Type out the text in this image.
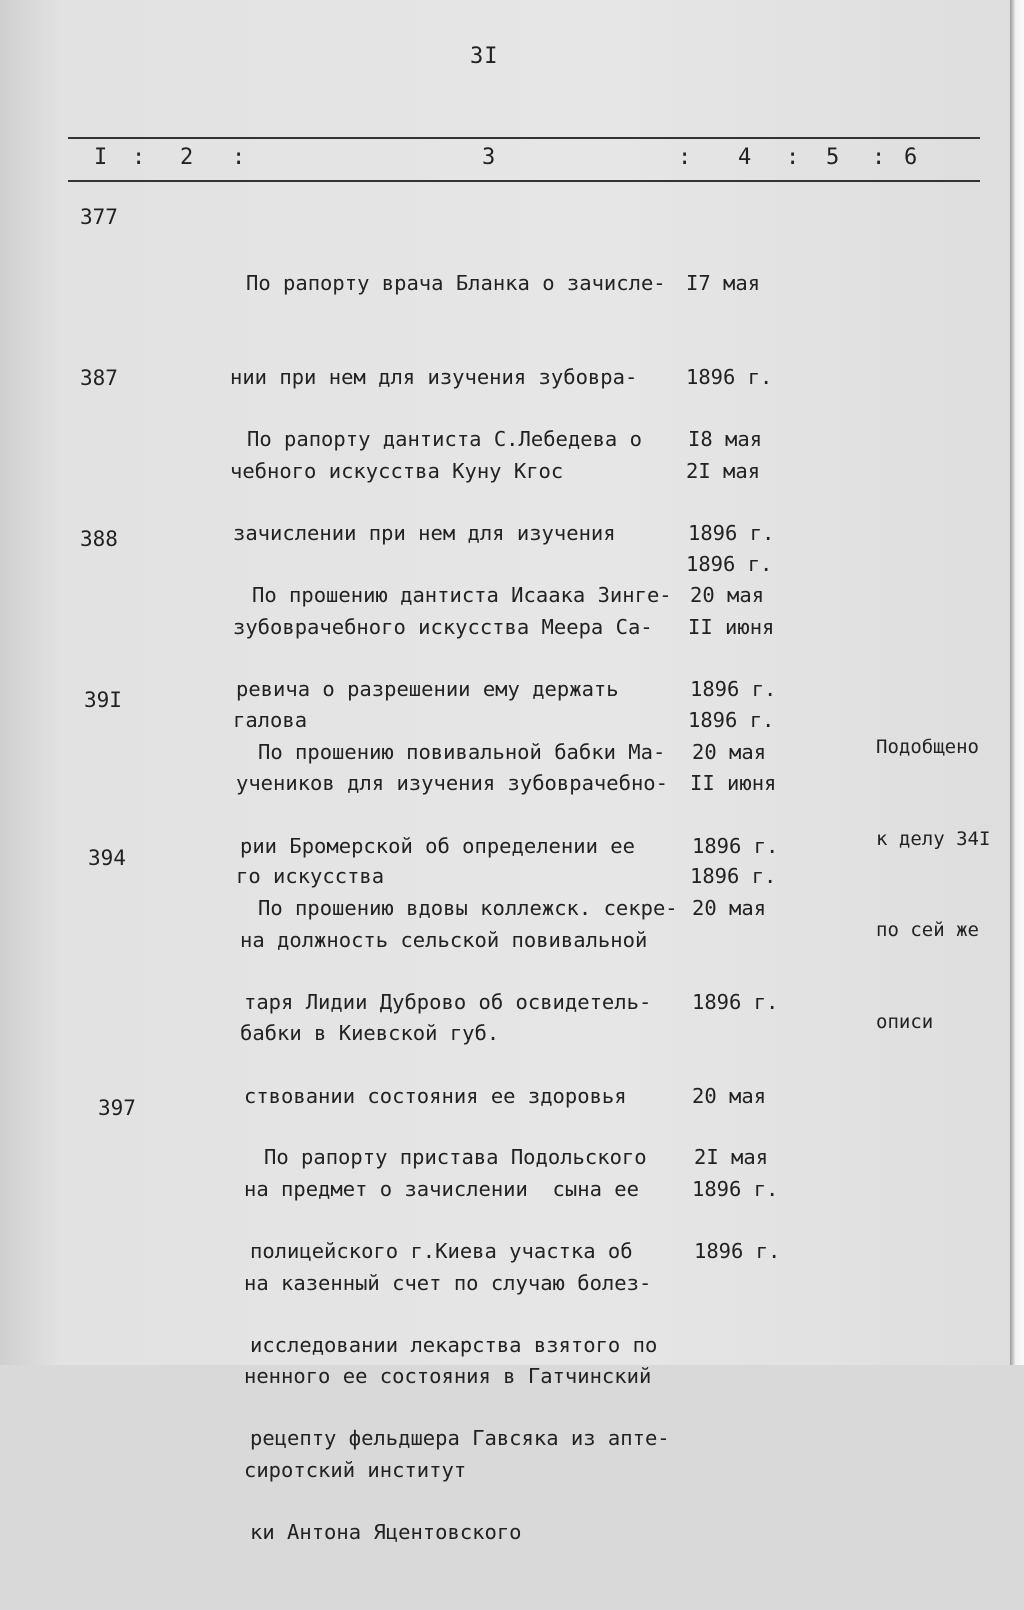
3I
I : 2 :	3	: 4 : 5 : 6
377

По рапорту врача Бланка о зачисле-

нии при нем для изучения зубовра-

чебного искусства Куну Кгос

I7 мая

1896 г.

2I мая

1896 г.

387

По рапорту дантиста С.Лебедева о

зачислении при нем для изучения

зубоврачебного искусства Меера Са-

галова

I8 мая

1896 г.

II июня

1896 г.

388

По прошению дантиста Исаака Зинге-

ревича о разрешении ему держать

учеников для изучения зубоврачебно-

го искусства

20 мая

1896 г.

II июня

1896 г.

39I

По прошению повивальной бабки Ма-

рии Бромерской об определении ее

на должность сельской повивальной

бабки в Киевской губ.

20 мая

1896 г.

Подобщено

к делу 34I

по сей же

описи

394

По прошению вдовы коллежск. секре-

таря Лидии Дуброво об освидетель-

ствовании состояния ее здоровья

на предмет о зачислении  сына ее

на казенный счет по случаю болез-

ненного ее состояния в Гатчинский

сиротский институт

20 мая

1896 г.

20 мая

1896 г.

397

По рапорту пристава Подольского

полицейского г.Киева участка об

исследовании лекарства взятого по

рецепту фельдшера Гавсяка из апте-

ки Антона Яцентовского

2I мая

1896 г.
